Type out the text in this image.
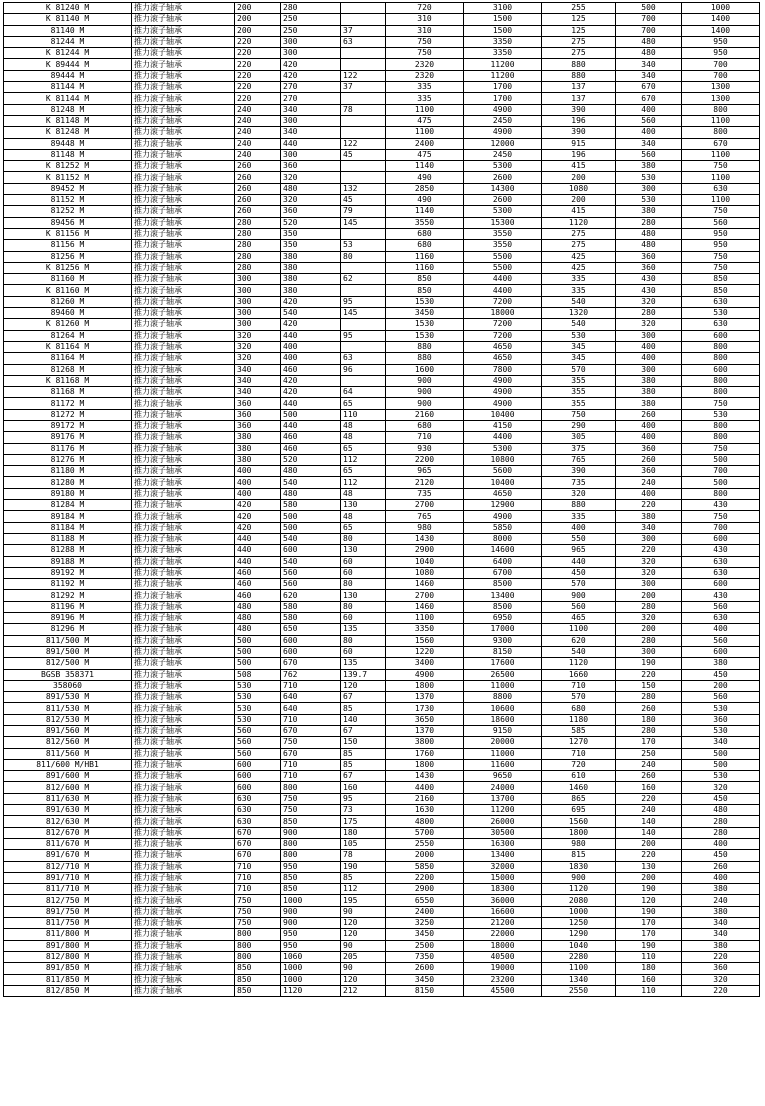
K 81240 M	推力滚子轴承	200	280		720	3100	255	500	1000
K 81140 M	推力滚子轴承	200	250		310	1500	125	700	1400
81140 M	推力滚子轴承	200	250	37	310	1500	125	700	1400
81244 M	推力滚子轴承	220	300	63	750	3350	275	480	950
K 81244 M	推力滚子轴承	220	300		750	3350	275	480	950
K 89444 M	推力滚子轴承	220	420		2320	11200	880	340	700
89444 M	推力滚子轴承	220	420	122	2320	11200	880	340	700
81144 M	推力滚子轴承	220	270	37	335	1700	137	670	1300
K 81144 M	推力滚子轴承	220	270		335	1700	137	670	1300
81248 M	推力滚子轴承	240	340	78	1100	4900	390	400	800
K 81148 M	推力滚子轴承	240	300		475	2450	196	560	1100
K 81248 M	推力滚子轴承	240	340		1100	4900	390	400	800
89448 M	推力滚子轴承	240	440	122	2400	12000	915	340	670
81148 M	推力滚子轴承	240	300	45	475	2450	196	560	1100
K 81252 M	推力滚子轴承	260	360		1140	5300	415	380	750
K 81152 M	推力滚子轴承	260	320		490	2600	200	530	1100
89452 M	推力滚子轴承	260	480	132	2850	14300	1080	300	630
81152 M	推力滚子轴承	260	320	45	490	2600	200	530	1100
81252 M	推力滚子轴承	260	360	79	1140	5300	415	380	750
89456 M	推力滚子轴承	280	520	145	3550	15300	1120	280	560
K 81156 M	推力滚子轴承	280	350		680	3550	275	480	950
81156 M	推力滚子轴承	280	350	53	680	3550	275	480	950
81256 M	推力滚子轴承	280	380	80	1160	5500	425	360	750
K 81256 M	推力滚子轴承	280	380		1160	5500	425	360	750
81160 M	推力滚子轴承	300	380	62	850	4400	335	430	850
K 81160 M	推力滚子轴承	300	380		850	4400	335	430	850
81260 M	推力滚子轴承	300	420	95	1530	7200	540	320	630
89460 M	推力滚子轴承	300	540	145	3450	18000	1320	280	530
K 81260 M	推力滚子轴承	300	420		1530	7200	540	320	630
81264 M	推力滚子轴承	320	440	95	1530	7200	530	300	600
K 81164 M	推力滚子轴承	320	400		880	4650	345	400	800
81164 M	推力滚子轴承	320	400	63	880	4650	345	400	800
81268 M	推力滚子轴承	340	460	96	1600	7800	570	300	600
K 81168 M	推力滚子轴承	340	420		900	4900	355	380	800
81168 M	推力滚子轴承	340	420	64	900	4900	355	380	800
81172 M	推力滚子轴承	360	440	65	900	4900	355	380	750
81272 M	推力滚子轴承	360	500	110	2160	10400	750	260	530
89172 M	推力滚子轴承	360	440	48	680	4150	290	400	800
89176 M	推力滚子轴承	380	460	48	710	4400	305	400	800
81176 M	推力滚子轴承	380	460	65	930	5300	375	360	750
81276 M	推力滚子轴承	380	520	112	2200	10800	765	260	500
81180 M	推力滚子轴承	400	480	65	965	5600	390	360	700
81280 M	推力滚子轴承	400	540	112	2120	10400	735	240	500
89180 M	推力滚子轴承	400	480	48	735	4650	320	400	800
81284 M	推力滚子轴承	420	580	130	2700	12900	880	220	430
89184 M	推力滚子轴承	420	500	48	765	4900	335	380	750
81184 M	推力滚子轴承	420	500	65	980	5850	400	340	700
81188 M	推力滚子轴承	440	540	80	1430	8000	550	300	600
81288 M	推力滚子轴承	440	600	130	2900	14600	965	220	430
89188 M	推力滚子轴承	440	540	60	1040	6400	440	320	630
89192 M	推力滚子轴承	460	560	60	1080	6700	450	320	630
81192 M	推力滚子轴承	460	560	80	1460	8500	570	300	600
81292 M	推力滚子轴承	460	620	130	2700	13400	900	200	430
81196 M	推力滚子轴承	480	580	80	1460	8500	560	280	560
89196 M	推力滚子轴承	480	580	60	1100	6950	465	320	630
81296 M	推力滚子轴承	480	650	135	3350	17000	1100	200	400
811/500 M	推力滚子轴承	500	600	80	1560	9300	620	280	560
891/500 M	推力滚子轴承	500	600	60	1220	8150	540	300	600
812/500 M	推力滚子轴承	500	670	135	3400	17600	1120	190	380
BGSB 358371	推力滚子轴承	508	762	139.7	4900	26500	1660	220	450
358060	推力滚子轴承	530	710	120	1800	11000	710	150	200
891/530 M	推力滚子轴承	530	640	67	1370	8800	570	280	560
811/530 M	推力滚子轴承	530	640	85	1730	10600	680	260	530
812/530 M	推力滚子轴承	530	710	140	3650	18600	1180	180	360
891/560 M	推力滚子轴承	560	670	67	1370	9150	585	280	530
812/560 M	推力滚子轴承	560	750	150	3800	20000	1270	170	340
811/560 M	推力滚子轴承	560	670	85	1760	11000	710	250	500
811/600 M/HB1	推力滚子轴承	600	710	85	1800	11600	720	240	500
891/600 M	推力滚子轴承	600	710	67	1430	9650	610	260	530
812/600 M	推力滚子轴承	600	800	160	4400	24000	1460	160	320
811/630 M	推力滚子轴承	630	750	95	2160	13700	865	220	450
891/630 M	推力滚子轴承	630	750	73	1630	11200	695	240	480
812/630 M	推力滚子轴承	630	850	175	4800	26000	1560	140	280
812/670 M	推力滚子轴承	670	900	180	5700	30500	1800	140	280
811/670 M	推力滚子轴承	670	800	105	2550	16300	980	200	400
891/670 M	推力滚子轴承	670	800	78	2000	13400	815	220	450
812/710 M	推力滚子轴承	710	950	190	5850	32000	1830	130	260
891/710 M	推力滚子轴承	710	850	85	2200	15000	900	200	400
811/710 M	推力滚子轴承	710	850	112	2900	18300	1120	190	380
812/750 M	推力滚子轴承	750	1000	195	6550	36000	2080	120	240
891/750 M	推力滚子轴承	750	900	90	2400	16600	1000	190	380
811/750 M	推力滚子轴承	750	900	120	3250	21200	1250	170	340
811/800 M	推力滚子轴承	800	950	120	3450	22000	1290	170	340
891/800 M	推力滚子轴承	800	950	90	2500	18000	1040	190	380
812/800 M	推力滚子轴承	800	1060	205	7350	40500	2280	110	220
891/850 M	推力滚子轴承	850	1000	90	2600	19000	1100	180	360
811/850 M	推力滚子轴承	850	1000	120	3450	23200	1340	160	320
812/850 M	推力滚子轴承	850	1120	212	8150	45500	2550	110	220
